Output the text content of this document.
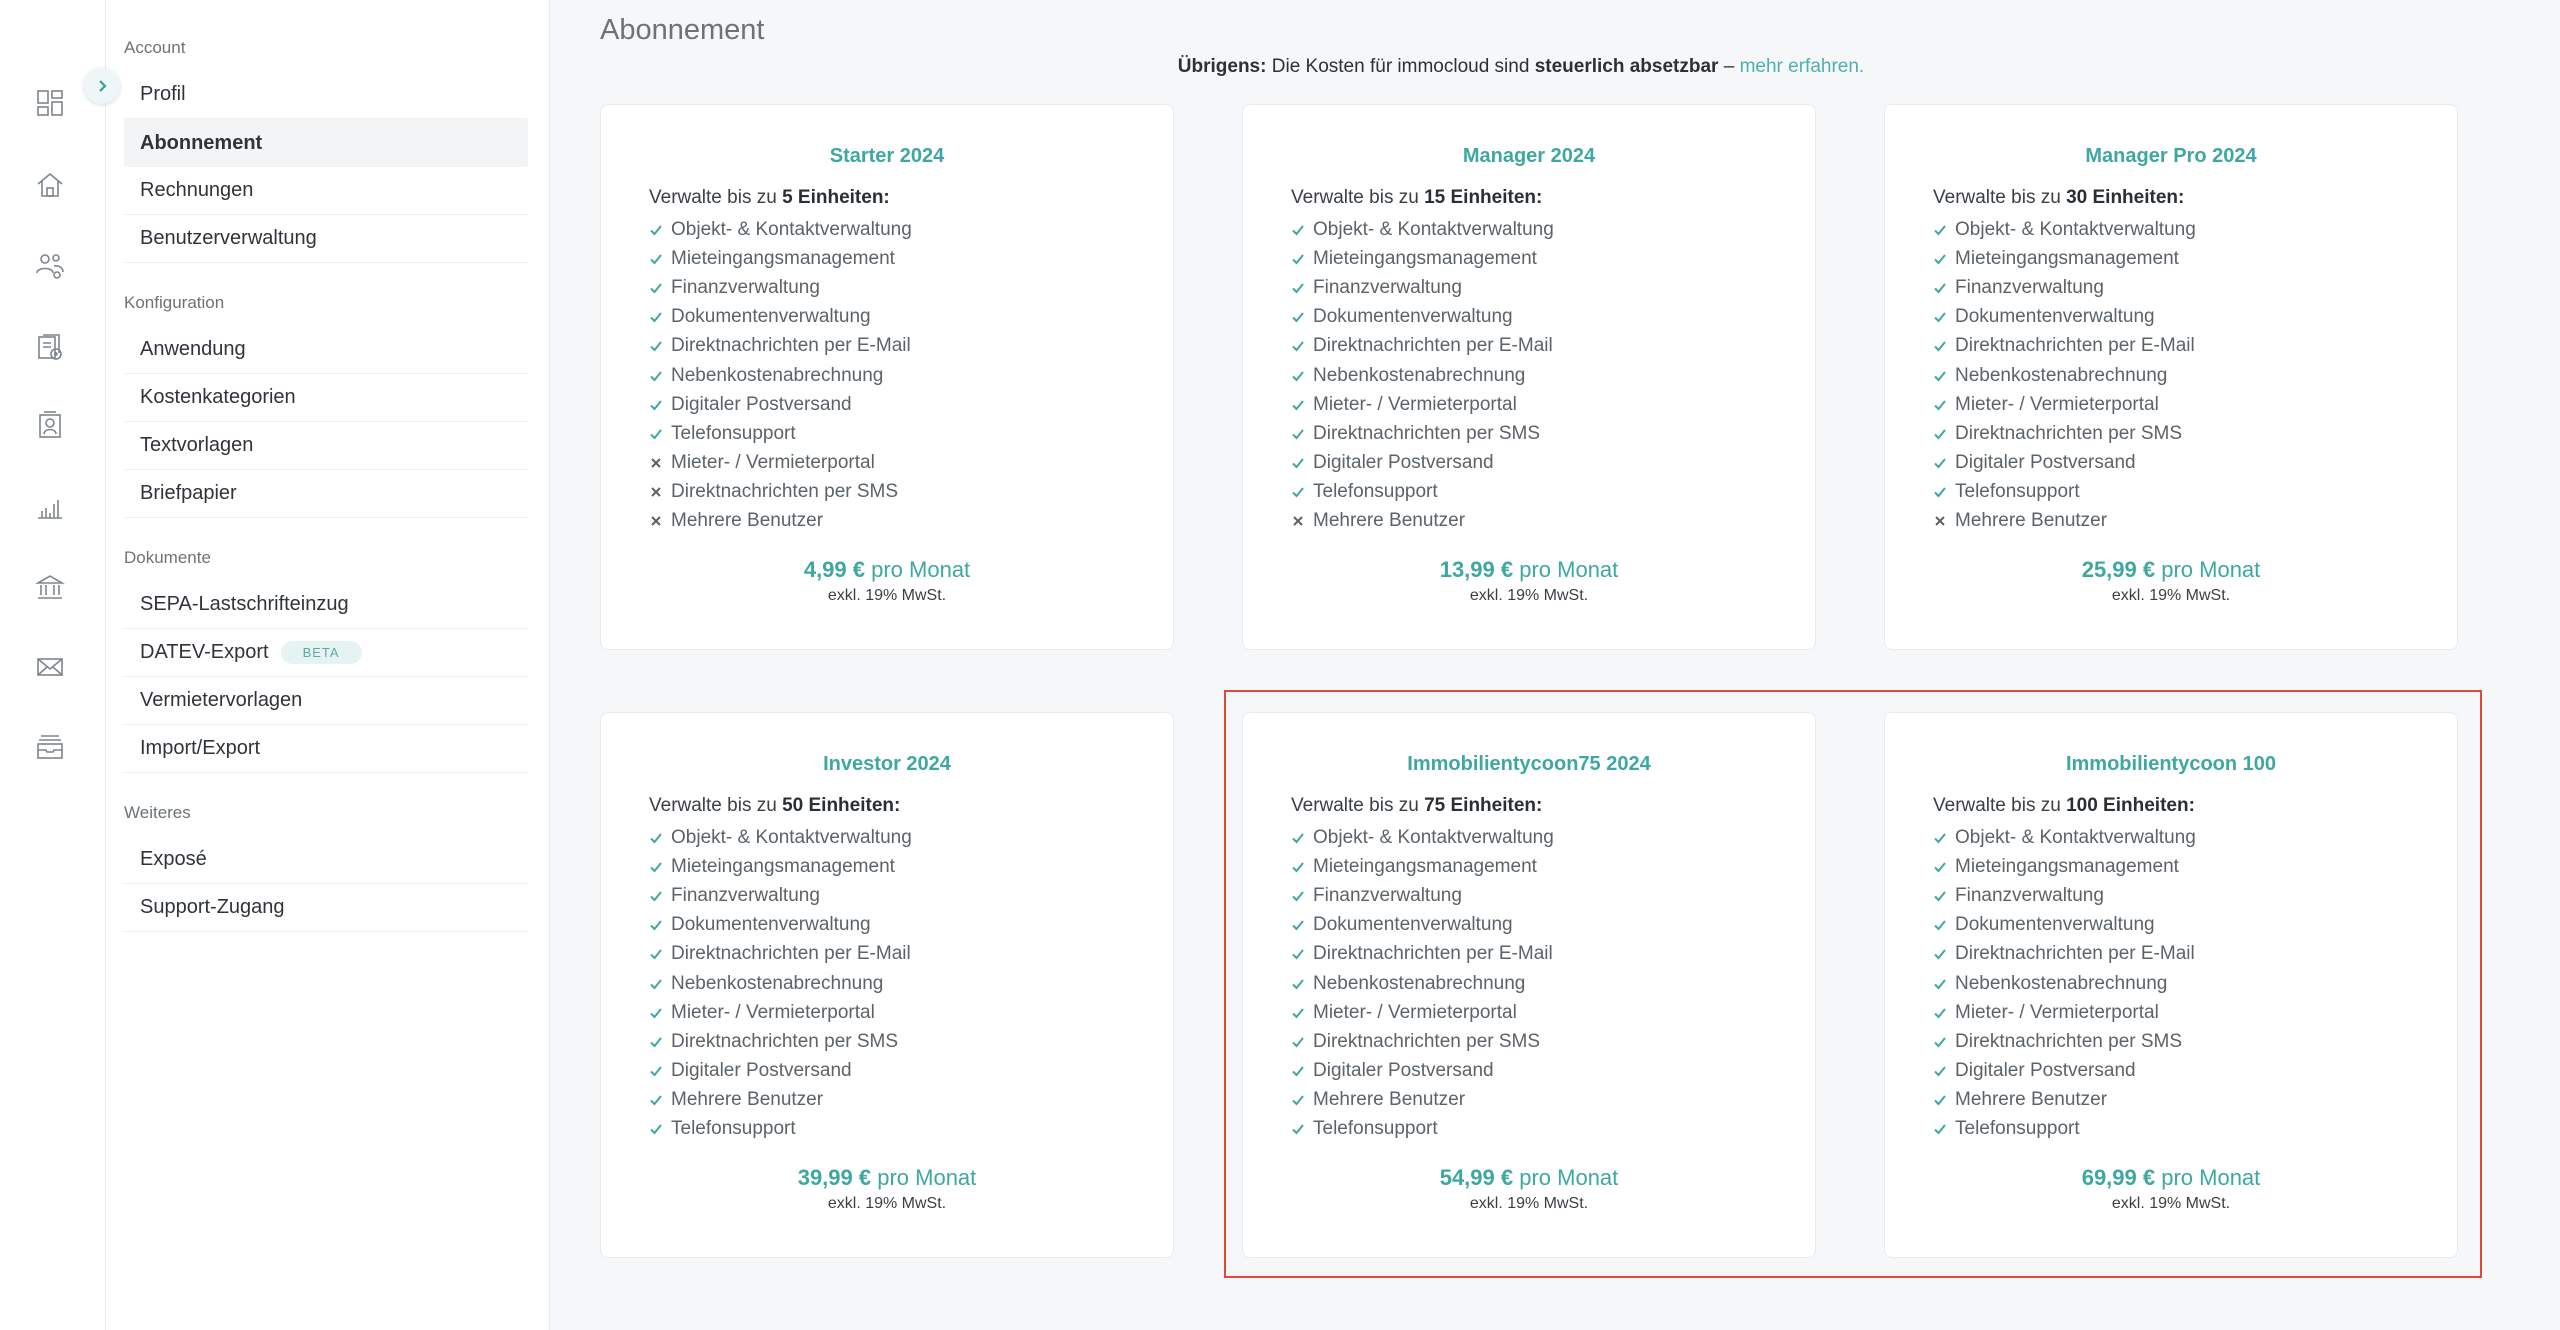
Account
Profil
Abonnement
Rechnungen
Benutzerverwaltung
Konfiguration
Anwendung
Kostenkategorien
Textvorlagen
Briefpapier
Dokumente
SEPA-Lastschrifteinzug
DATEV-Export	BETA
Vermietervorlagen
Import/Export
Weiteres
Exposé
Support-Zugang
Abonnement
Übrigens: Die Kosten für immocloud sind steuerlich absetzbar – mehr erfahren.
Starter 2024
Verwalte bis zu 5 Einheiten:
Objekt- & Kontaktverwaltung
Mieteingangsmanagement
Finanzverwaltung
Dokumentenverwaltung
Direktnachrichten per E-Mail
Nebenkostenabrechnung
Digitaler Postversand
Telefonsupport
Mieter- / Vermieterportal
Direktnachrichten per SMS
Mehrere Benutzer
4,99 € pro Monat
exkl. 19% MwSt.
Manager 2024
Verwalte bis zu 15 Einheiten:
Objekt- & Kontaktverwaltung
Mieteingangsmanagement
Finanzverwaltung
Dokumentenverwaltung
Direktnachrichten per E-Mail
Nebenkostenabrechnung
Mieter- / Vermieterportal
Direktnachrichten per SMS
Digitaler Postversand
Telefonsupport
Mehrere Benutzer
13,99 € pro Monat
exkl. 19% MwSt.
Manager Pro 2024
Verwalte bis zu 30 Einheiten:
Objekt- & Kontaktverwaltung
Mieteingangsmanagement
Finanzverwaltung
Dokumentenverwaltung
Direktnachrichten per E-Mail
Nebenkostenabrechnung
Mieter- / Vermieterportal
Direktnachrichten per SMS
Digitaler Postversand
Telefonsupport
Mehrere Benutzer
25,99 € pro Monat
exkl. 19% MwSt.
Investor 2024
Verwalte bis zu 50 Einheiten:
Objekt- & Kontaktverwaltung
Mieteingangsmanagement
Finanzverwaltung
Dokumentenverwaltung
Direktnachrichten per E-Mail
Nebenkostenabrechnung
Mieter- / Vermieterportal
Direktnachrichten per SMS
Digitaler Postversand
Mehrere Benutzer
Telefonsupport
39,99 € pro Monat
exkl. 19% MwSt.
Immobilientycoon75 2024
Verwalte bis zu 75 Einheiten:
Objekt- & Kontaktverwaltung
Mieteingangsmanagement
Finanzverwaltung
Dokumentenverwaltung
Direktnachrichten per E-Mail
Nebenkostenabrechnung
Mieter- / Vermieterportal
Direktnachrichten per SMS
Digitaler Postversand
Mehrere Benutzer
Telefonsupport
54,99 € pro Monat
exkl. 19% MwSt.
Immobilientycoon 100
Verwalte bis zu 100 Einheiten:
Objekt- & Kontaktverwaltung
Mieteingangsmanagement
Finanzverwaltung
Dokumentenverwaltung
Direktnachrichten per E-Mail
Nebenkostenabrechnung
Mieter- / Vermieterportal
Direktnachrichten per SMS
Digitaler Postversand
Mehrere Benutzer
Telefonsupport
69,99 € pro Monat
exkl. 19% MwSt.
